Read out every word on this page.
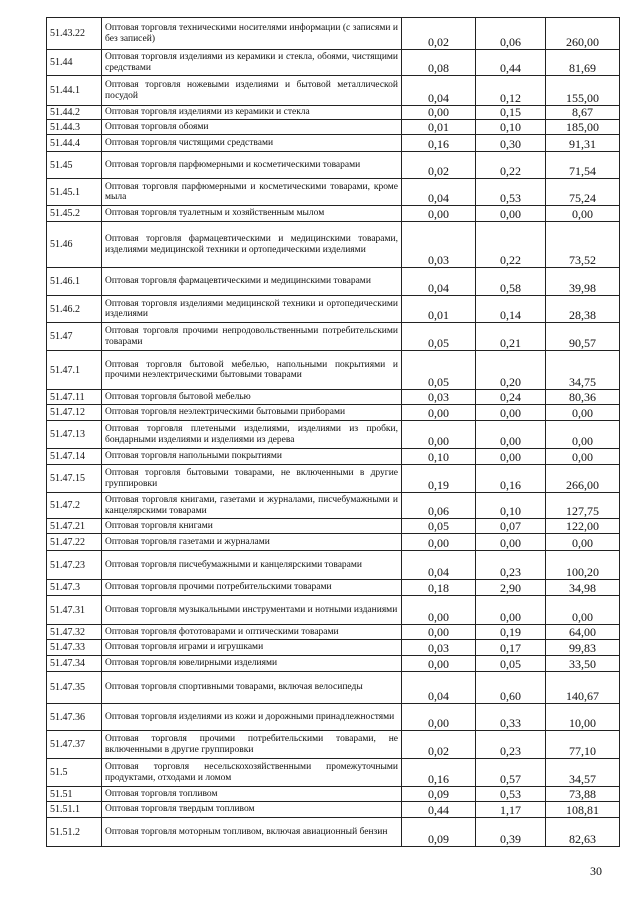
51.43.22	Оптовая торговля техническими носителями информации (с записями и без записей)	0,02	0,06	260,00
51.44	Оптовая торговля изделиями из керамики и стекла, обоями, чистящими средствами	0,08	0,44	81,69
51.44.1	Оптовая торговля ножевыми изделиями и бытовой металлической посудой	0,04	0,12	155,00
51.44.2	Оптовая торговля изделиями из керамики и стекла	0,00	0,15	8,67
51.44.3	Оптовая торговля обоями	0,01	0,10	185,00
51.44.4	Оптовая торговля чистящими средствами	0,16	0,30	91,31
51.45	Оптовая торговля парфюмерными и косметическими товарами	0,02	0,22	71,54
51.45.1	Оптовая торговля парфюмерными и косметическими товарами, кроме мыла	0,04	0,53	75,24
51.45.2	Оптовая торговля туалетным и хозяйственным мылом	0,00	0,00	0,00
51.46	Оптовая торговля фармацевтическими и медицинскими товарами, изделиями медицинской техники и ортопедическими изделиями	0,03	0,22	73,52
51.46.1	Оптовая торговля фармацевтическими и медицинскими товарами	0,04	0,58	39,98
51.46.2	Оптовая торговля изделиями медицинской техники и ортопедическими изделиями	0,01	0,14	28,38
51.47	Оптовая торговля прочими непродовольственными потребительскими товарами	0,05	0,21	90,57
51.47.1	Оптовая торговля бытовой мебелью, напольными покрытиями и прочими неэлектрическими бытовыми товарами	0,05	0,20	34,75
51.47.11	Оптовая торговля бытовой мебелью	0,03	0,24	80,36
51.47.12	Оптовая торговля неэлектрическими бытовыми приборами	0,00	0,00	0,00
51.47.13	Оптовая торговля плетеными изделиями, изделиями из пробки, бондарными изделиями и изделиями из дерева	0,00	0,00	0,00
51.47.14	Оптовая торговля напольными покрытиями	0,10	0,00	0,00
51.47.15	Оптовая торговля бытовыми товарами, не включенными в другие группировки	0,19	0,16	266,00
51.47.2	Оптовая торговля книгами, газетами и журналами, писчебумажными и канцелярскими товарами	0,06	0,10	127,75
51.47.21	Оптовая торговля книгами	0,05	0,07	122,00
51.47.22	Оптовая торговля газетами и журналами	0,00	0,00	0,00
51.47.23	Оптовая торговля писчебумажными и канцелярскими товарами	0,04	0,23	100,20
51.47.3	Оптовая торговля прочими потребительскими товарами	0,18	2,90	34,98
51.47.31	Оптовая торговля музыкальными инструментами и нотными изданиями	0,00	0,00	0,00
51.47.32	Оптовая торговля фототоварами и оптическими товарами	0,00	0,19	64,00
51.47.33	Оптовая торговля играми и игрушками	0,03	0,17	99,83
51.47.34	Оптовая торговля ювелирными изделиями	0,00	0,05	33,50
51.47.35	Оптовая торговля спортивными товарами, включая велосипеды	0,04	0,60	140,67
51.47.36	Оптовая торговля изделиями из кожи и дорожными принадлежностями	0,00	0,33	10,00
51.47.37	Оптовая торговля прочими потребительскими товарами, не включенными в другие группировки	0,02	0,23	77,10
51.5	Оптовая торговля несельскохозяйственными промежуточными продуктами, отходами и ломом	0,16	0,57	34,57
51.51	Оптовая торговля топливом	0,09	0,53	73,88
51.51.1	Оптовая торговля твердым топливом	0,44	1,17	108,81
51.51.2	Оптовая торговля моторным топливом, включая авиационный бензин	0,09	0,39	82,63
30
